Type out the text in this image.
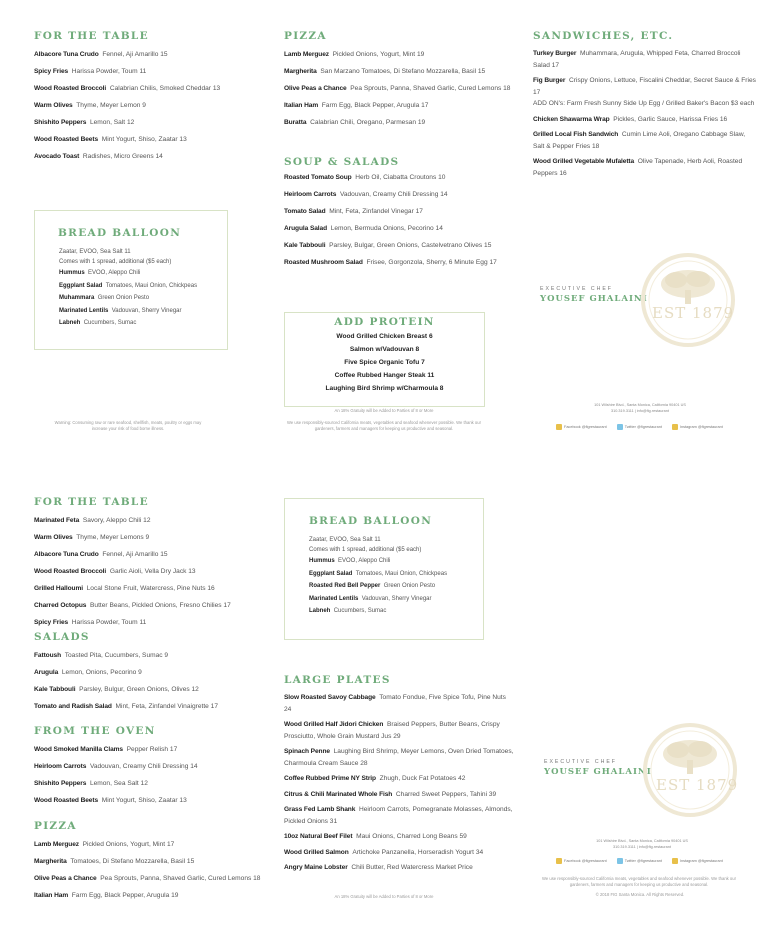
FOR THE TABLE
Albacore Tuna Crudo Fennel, Aji Amarillo 15
Spicy Fries Harissa Powder, Toum 11
Wood Roasted Broccoli Calabrian Chilis, Smoked Cheddar 13
Warm Olives Thyme, Meyer Lemon 9
Shishito Peppers Lemon, Salt 12
Wood Roasted Beets Mint Yogurt, Shiso, Zaatar 13
Avocado Toast Radishes, Micro Greens 14
BREAD BALLOON
Zaatar, EVOO, Sea Salt 11
Comes with 1 spread, additional ($5 each)
Hummus EVOO, Aleppo Chili
Eggplant Salad Tomatoes, Maui Onion, Chickpeas
Muhammara Green Onion Pesto
Marinated Lentils Vadouvan, Sherry Vinegar
Labneh Cucumbers, Sumac
Warning: Consuming raw or rare seafood, shellfish, meats, poultry or eggs may increase your risk of food borne illness.
PIZZA
Lamb Merguez Pickled Onions, Yogurt, Mint 19
Margherita San Marzano Tomatoes, Di Stefano Mozzarella, Basil 15
Olive Peas a Chance Pea Sprouts, Panna, Shaved Garlic, Cured Lemons 18
Italian Ham Farm Egg, Black Pepper, Arugula 17
Buratta Calabrian Chili, Oregano, Parmesan 19
SOUP & SALADS
Roasted Tomato Soup Herb Oil, Ciabatta Croutons 10
Heirloom Carrots Vadouvan, Creamy Chili Dressing 14
Tomato Salad Mint, Feta, Zinfandel Vinegar 17
Arugula Salad Lemon, Bermuda Onions, Pecorino 14
Kale Tabbouli Parsley, Bulgar, Green Onions, Castelvetrano Olives 15
Roasted Mushroom Salad Frisee, Gorgonzola, Sherry, 6 Minute Egg 17
ADD PROTEIN
Wood Grilled Chicken Breast 6
Salmon w/Vadouvan 8
Five Spice Organic Tofu 7
Coffee Rubbed Hanger Steak 11
Laughing Bird Shrimp w/Charmoula 8
An 18% Gratuity will be Added to Parties of 8 or More
We use responsibly-sourced California meats, vegetables and seafood whenever possible. We thank our gardeners, farmers and managers for keeping us productive and seasonal.
SANDWICHES, ETC.
Turkey Burger Muhammara, Arugula, Whipped Feta, Charred Broccoli Salad 17
Fig Burger Crispy Onions, Lettuce, Fiscalini Cheddar, Secret Sauce & Fries 17
ADD ON's: Farm Fresh Sunny Side Up Egg / Grilled Baker's Bacon $3 each
Chicken Shawarma Wrap Pickles, Garlic Sauce, Harissa Fries 16
Grilled Local Fish Sandwich Cumin Lime Aoli, Oregano Cabbage Slaw, Salt & Pepper Fries 18
Wood Grilled Vegetable Mufaletta Olive Tapenade, Herb Aoli, Roasted Peppers 16
EXECUTIVE CHEF
YOUSEF GHALAINI
EST 1879
101 Wilshire Blvd., Santa Monica, California 90401 US
310.319.3111 | info@fig.restaurant
Facebook @figrestaurant	Twitter @figrestaurant	Instagram @figrestaurant
FOR THE TABLE
Marinated Feta Savory, Aleppo Chili 12
Warm Olives Thyme, Meyer Lemons 9
Albacore Tuna Crudo Fennel, Aji Amarillo 15
Wood Roasted Broccoli Garlic Aioli, Vella Dry Jack 13
Grilled Halloumi Local Stone Fruit, Watercress, Pine Nuts 16
Charred Octopus Butter Beans, Pickled Onions, Fresno Chilies 17
Spicy Fries Harissa Powder, Toum 11
SALADS
Fattoush Toasted Pita, Cucumbers, Sumac 9
Arugula Lemon, Onions, Pecorino 9
Kale Tabbouli Parsley, Bulgur, Green Onions, Olives 12
Tomato and Radish Salad Mint, Feta, Zinfandel Vinaigrette 17
FROM THE OVEN
Wood Smoked Manilla Clams Pepper Relish 17
Heirloom Carrots Vadouvan, Creamy Chili Dressing 14
Shishito Peppers Lemon, Sea Salt 12
Wood Roasted Beets Mint Yogurt, Shiso, Zaatar 13
PIZZA
Lamb Merguez Pickled Onions, Yogurt, Mint 17
Margherita Tomatoes, Di Stefano Mozzarella, Basil 15
Olive Peas a Chance Pea Sprouts, Panna, Shaved Garlic, Cured Lemons 18
Italian Ham Farm Egg, Black Pepper, Arugula 19
BREAD BALLOON
Zaatar, EVOO, Sea Salt 11
Comes with 1 spread, additional ($5 each)
Hummus EVOO, Aleppo Chili
Eggplant Salad Tomatoes, Maui Onion, Chickpeas
Roasted Red Bell Pepper Green Onion Pesto
Marinated Lentils Vadouvan, Sherry Vinegar
Labneh Cucumbers, Sumac
LARGE PLATES
Slow Roasted Savoy Cabbage Tomato Fondue, Five Spice Tofu, Pine Nuts 24
Wood Grilled Half Jidori Chicken Braised Peppers, Butter Beans, Crispy Prosciutto, Whole Grain Mustard Jus 29
Spinach Penne Laughing Bird Shrimp, Meyer Lemons, Oven Dried Tomatoes, Charmoula Cream Sauce 28
Coffee Rubbed Prime NY Strip Zhugh, Duck Fat Potatoes 42
Citrus & Chili Marinated Whole Fish Charred Sweet Peppers, Tahini 39
Grass Fed Lamb Shank Heirloom Carrots, Pomegranate Molasses, Almonds, Pickled Onions 31
10oz Natural Beef Filet Maui Onions, Charred Long Beans 59
Wood Grilled Salmon Artichoke Panzanella, Horseradish Yogurt 34
Angry Maine Lobster Chili Butter, Red Watercress Market Price
An 18% Gratuity will be Added to Parties of 8 or More
EXECUTIVE CHEF
YOUSEF GHALAINI
EST 1879
101 Wilshire Blvd., Santa Monica, California 90401 US
310.319.3111 | info@fig.restaurant
Facebook @figrestaurant	Twitter @figrestaurant	Instagram @figrestaurant
We use responsibly-sourced California meats, vegetables and seafood whenever possible. We thank our gardeners, farmers and managers for keeping us productive and seasonal.
© 2018 FIG Santa Monica. All Rights Reserved.
